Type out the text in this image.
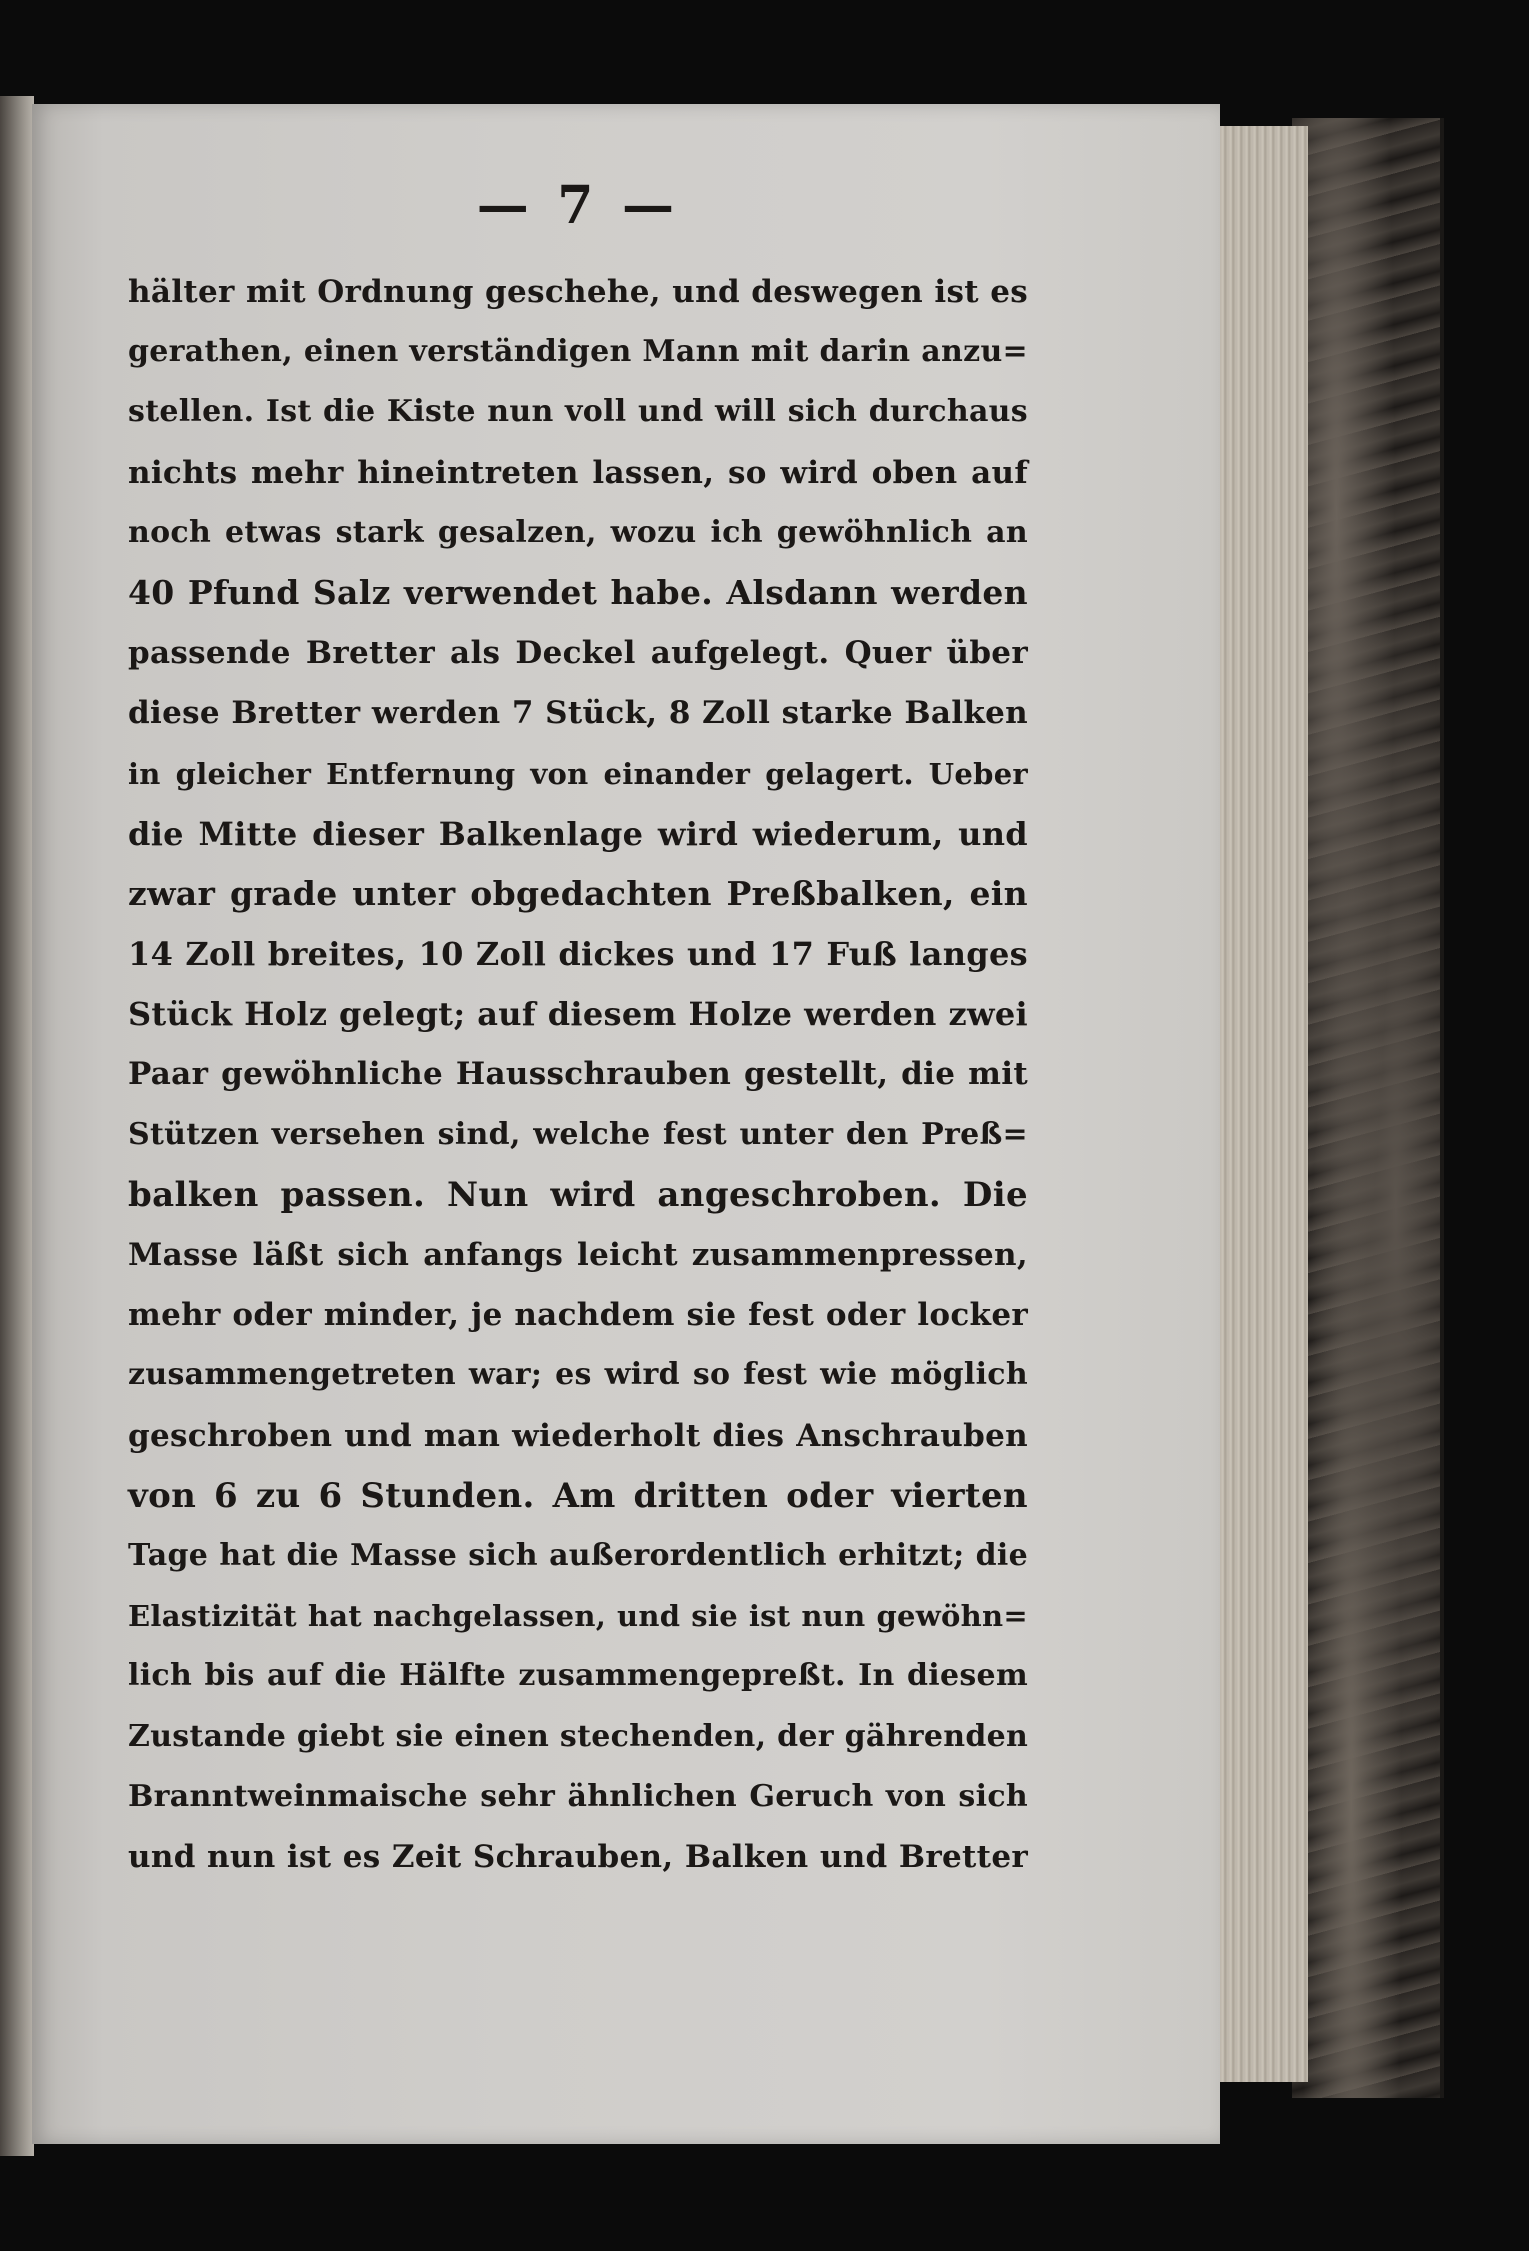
— 7 —
hälter mit Ordnung geschehe, und deswegen ist es
gerathen, einen verständigen Mann mit darin anzu=
stellen. Ist die Kiste nun voll und will sich durchaus
nichts mehr hineintreten lassen, so wird oben auf
noch etwas stark gesalzen, wozu ich gewöhnlich an
40 Pfund Salz verwendet habe. Alsdann werden
passende Bretter als Deckel aufgelegt. Quer über
diese Bretter werden 7 Stück, 8 Zoll starke Balken
in gleicher Entfernung von einander gelagert. Ueber
die Mitte dieser Balkenlage wird wiederum, und
zwar grade unter obgedachten Preßbalken, ein
14 Zoll breites, 10 Zoll dickes und 17 Fuß langes
Stück Holz gelegt; auf diesem Holze werden zwei
Paar gewöhnliche Hausschrauben gestellt, die mit
Stützen versehen sind, welche fest unter den Preß=
balken passen. Nun wird angeschroben. Die
Masse läßt sich anfangs leicht zusammenpressen,
mehr oder minder, je nachdem sie fest oder locker
zusammengetreten war; es wird so fest wie möglich
geschroben und man wiederholt dies Anschrauben
von 6 zu 6 Stunden. Am dritten oder vierten
Tage hat die Masse sich außerordentlich erhitzt; die
Elastizität hat nachgelassen, und sie ist nun gewöhn=
lich bis auf die Hälfte zusammengepreßt. In diesem
Zustande giebt sie einen stechenden, der gährenden
Branntweinmaische sehr ähnlichen Geruch von sich
und nun ist es Zeit Schrauben, Balken und Bretter
